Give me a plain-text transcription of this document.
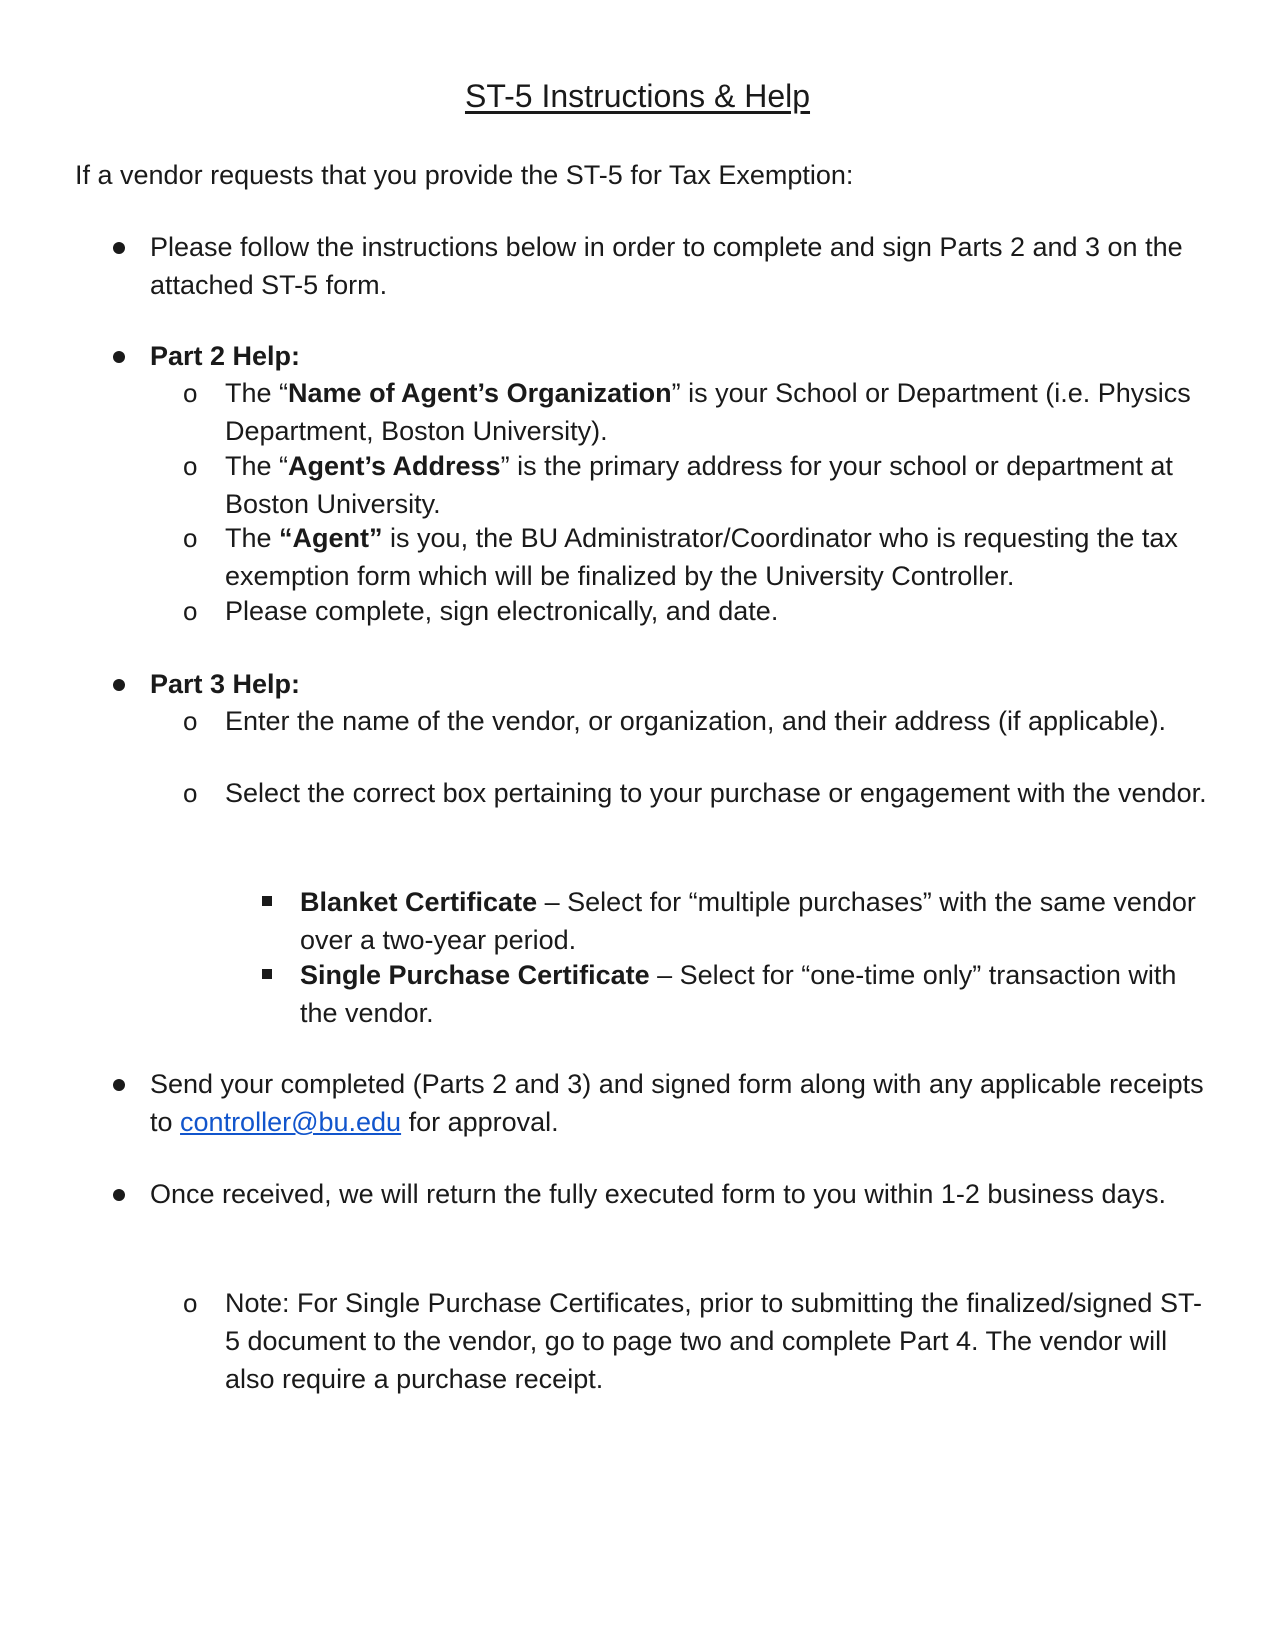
ST-5 Instructions & Help
If a vendor requests that you provide the ST-5 for Tax Exemption:

Please follow the instructions below in order to complete and sign Parts 2 and 3 on the attached ST-5 form.

Part 2 Help:

o The “Name of Agent’s Organization” is your School or Department (i.e. Physics Department, Boston University).

o The “Agent’s Address” is the primary address for your school or department at Boston University.

o The “Agent” is you, the BU Administrator/Coordinator who is requesting the tax exemption form which will be finalized by the University Controller.

o Please complete, sign electronically, and date.

Part 3 Help:

o Enter the name of the vendor, or organization, and their address (if applicable).

o Select the correct box pertaining to your purchase or engagement with the vendor.

Blanket Certificate – Select for “multiple purchases” with the same vendor over a two-year period.

Single Purchase Certificate – Select for “one-time only” transaction with the vendor.

Send your completed (Parts 2 and 3) and signed form along with any applicable receipts to controller@bu.edu for approval.

Once received, we will return the fully executed form to you within 1-2 business days.

o Note: For Single Purchase Certificates, prior to submitting the finalized/signed ST-5 document to the vendor, go to page two and complete Part 4. The vendor will also require a purchase receipt.
